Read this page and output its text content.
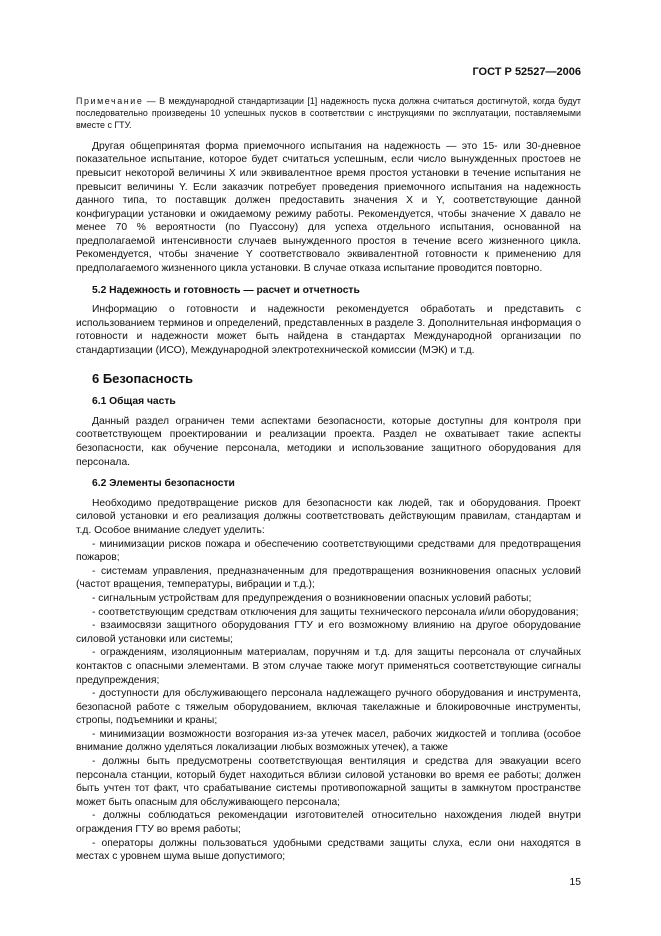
ГОСТ Р 52527—2006

Примечание — В международной стандартизации [1] надежность пуска должна считаться достигнутой, когда будут последовательно произведены 10 успешных пусков в соответствии с инструкциями по эксплуатации, поставляемыми вместе с ГТУ.

Другая общепринятая форма приемочного испытания на надежность — это 15- или 30-дневное показательное испытание, которое будет считаться успешным, если число вынужденных простоев не превысит некоторой величины X или эквивалентное время простоя установки в течение испытания не превысит величины Y. Если заказчик потребует проведения приемочного испытания на надежность данного типа, то поставщик должен предоставить значения X и Y, соответствующие данной конфигурации установки и ожидаемому режиму работы. Рекомендуется, чтобы значение X давало не менее 70 % вероятности (по Пуассону) для успеха отдельного испытания, основанной на предполагаемой интенсивности случаев вынужденного простоя в течение всего жизненного цикла. Рекомендуется, чтобы значение Y соответствовало эквивалентной готовности к применению для предполагаемого жизненного цикла установки. В случае отказа испытание проводится повторно.

5.2 Надежность и готовность — расчет и отчетность

Информацию о готовности и надежности рекомендуется обработать и представить с использованием терминов и определений, представленных в разделе 3. Дополнительная информация о готовности и надежности может быть найдена в стандартах Международной организации по стандартизации (ИСО), Международной электротехнической комиссии (МЭК) и т.д.

6 Безопасность
6.1 Общая часть

Данный раздел ограничен теми аспектами безопасности, которые доступны для контроля при соответствующем проектировании и реализации проекта. Раздел не охватывает такие аспекты безопасности, как обучение персонала, методики и использование защитного оборудования для персонала.

6.2 Элементы безопасности

Необходимо предотвращение рисков для безопасности как людей, так и оборудования. Проект силовой установки и его реализация должны соответствовать действующим правилам, стандартам и т.д. Особое внимание следует уделить:

- минимизации рисков пожара и обеспечению соответствующими средствами для предотвращения пожаров;
- системам управления, предназначенным для предотвращения возникновения опасных условий (частот вращения, температуры, вибрации и т.д.);
- сигнальным устройствам для предупреждения о возникновении опасных условий работы;
- соответствующим средствам отключения для защиты технического персонала и/или оборудования;
- взаимосвязи защитного оборудования ГТУ и его возможному влиянию на другое оборудование силовой установки или системы;
- ограждениям, изоляционным материалам, поручням и т.д. для защиты персонала от случайных контактов с опасными элементами. В этом случае также могут применяться соответствующие сигналы предупреждения;
- доступности для обслуживающего персонала надлежащего ручного оборудования и инструмента, безопасной работе с тяжелым оборудованием, включая такелажные и блокировочные инструменты, стропы, подъемники и краны;
- минимизации возможности возгорания из-за утечек масел, рабочих жидкостей и топлива (особое внимание должно уделяться локализации любых возможных утечек), а также
- должны быть предусмотрены соответствующая вентиляция и средства для эвакуации всего персонала станции, который будет находиться вблизи силовой установки во время ее работы; должен быть учтен тот факт, что срабатывание системы противопожарной защиты в замкнутом пространстве может быть опасным для обслуживающего персонала;
- должны соблюдаться рекомендации изготовителей относительно нахождения людей внутри ограждения ГТУ во время работы;
- операторы должны пользоваться удобными средствами защиты слуха, если они находятся в местах с уровнем шума выше допустимого;
15
